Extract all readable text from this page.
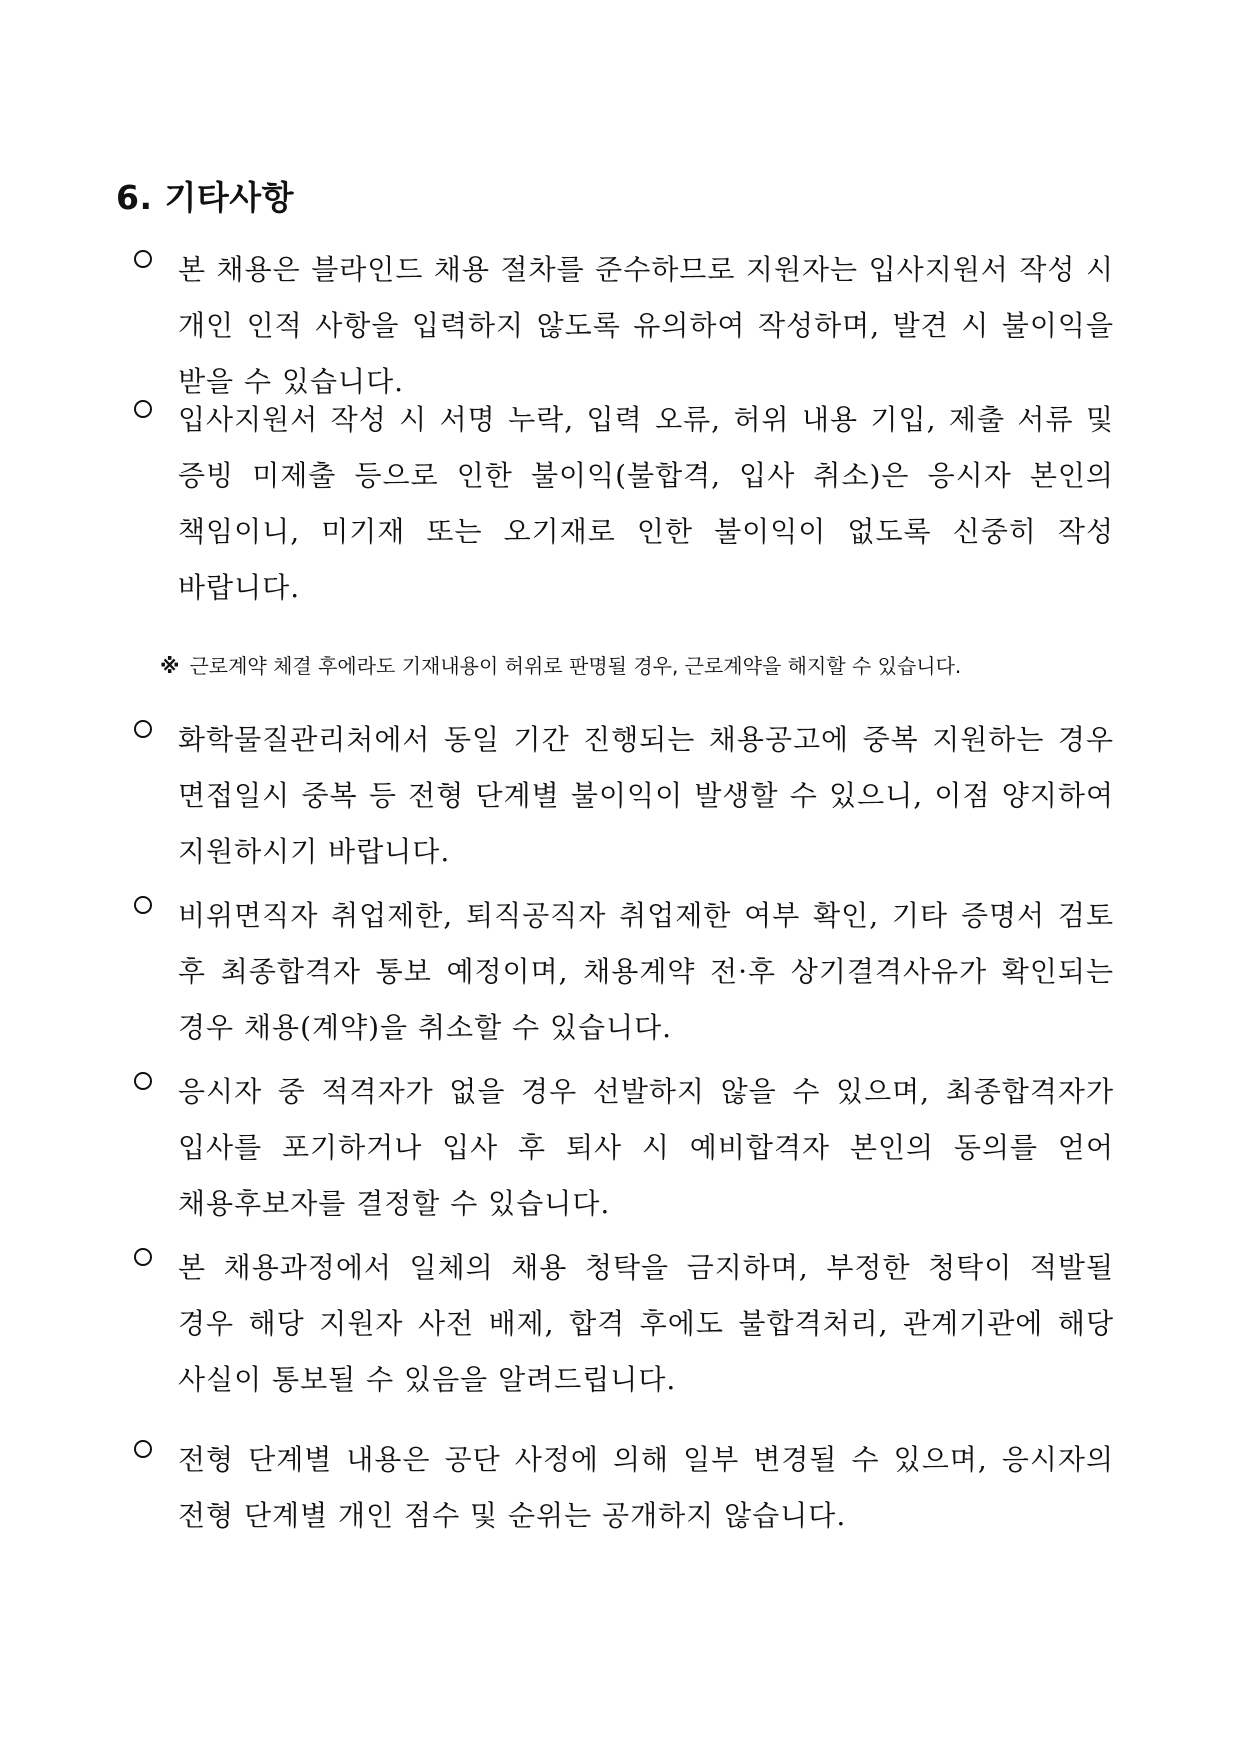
6. 기타사항

본 채용은 블라인드 채용 절차를 준수하므로 지원자는 입사지원서 작성 시 개인 인적 사항을 입력하지 않도록 유의하여 작성하며, 발견 시 불이익을 받을 수 있습니다.

입사지원서 작성 시 서명 누락, 입력 오류, 허위 내용 기입, 제출 서류 및 증빙 미제출 등으로 인한 불이익(불합격, 입사 취소)은 응시자 본인의 책임이니, 미기재 또는 오기재로 인한 불이익이 없도록 신중히 작성 바랍니다.

※ 근로계약 체결 후에라도 기재내용이 허위로 판명될 경우, 근로계약을 해지할 수 있습니다.

화학물질관리처에서 동일 기간 진행되는 채용공고에 중복 지원하는 경우 면접일시 중복 등 전형 단계별 불이익이 발생할 수 있으니, 이점 양지하여 지원하시기 바랍니다.

비위면직자 취업제한, 퇴직공직자 취업제한 여부 확인, 기타 증명서 검토 후 최종합격자 통보 예정이며, 채용계약 전·후 상기결격사유가 확인되는 경우 채용(계약)을 취소할 수 있습니다.

응시자 중 적격자가 없을 경우 선발하지 않을 수 있으며, 최종합격자가 입사를 포기하거나 입사 후 퇴사 시 예비합격자 본인의 동의를 얻어 채용후보자를 결정할 수 있습니다.

본 채용과정에서 일체의 채용 청탁을 금지하며, 부정한 청탁이 적발될 경우 해당 지원자 사전 배제, 합격 후에도 불합격처리, 관계기관에 해당 사실이 통보될 수 있음을 알려드립니다.

전형 단계별 내용은 공단 사정에 의해 일부 변경될 수 있으며, 응시자의 전형 단계별 개인 점수 및 순위는 공개하지 않습니다.
